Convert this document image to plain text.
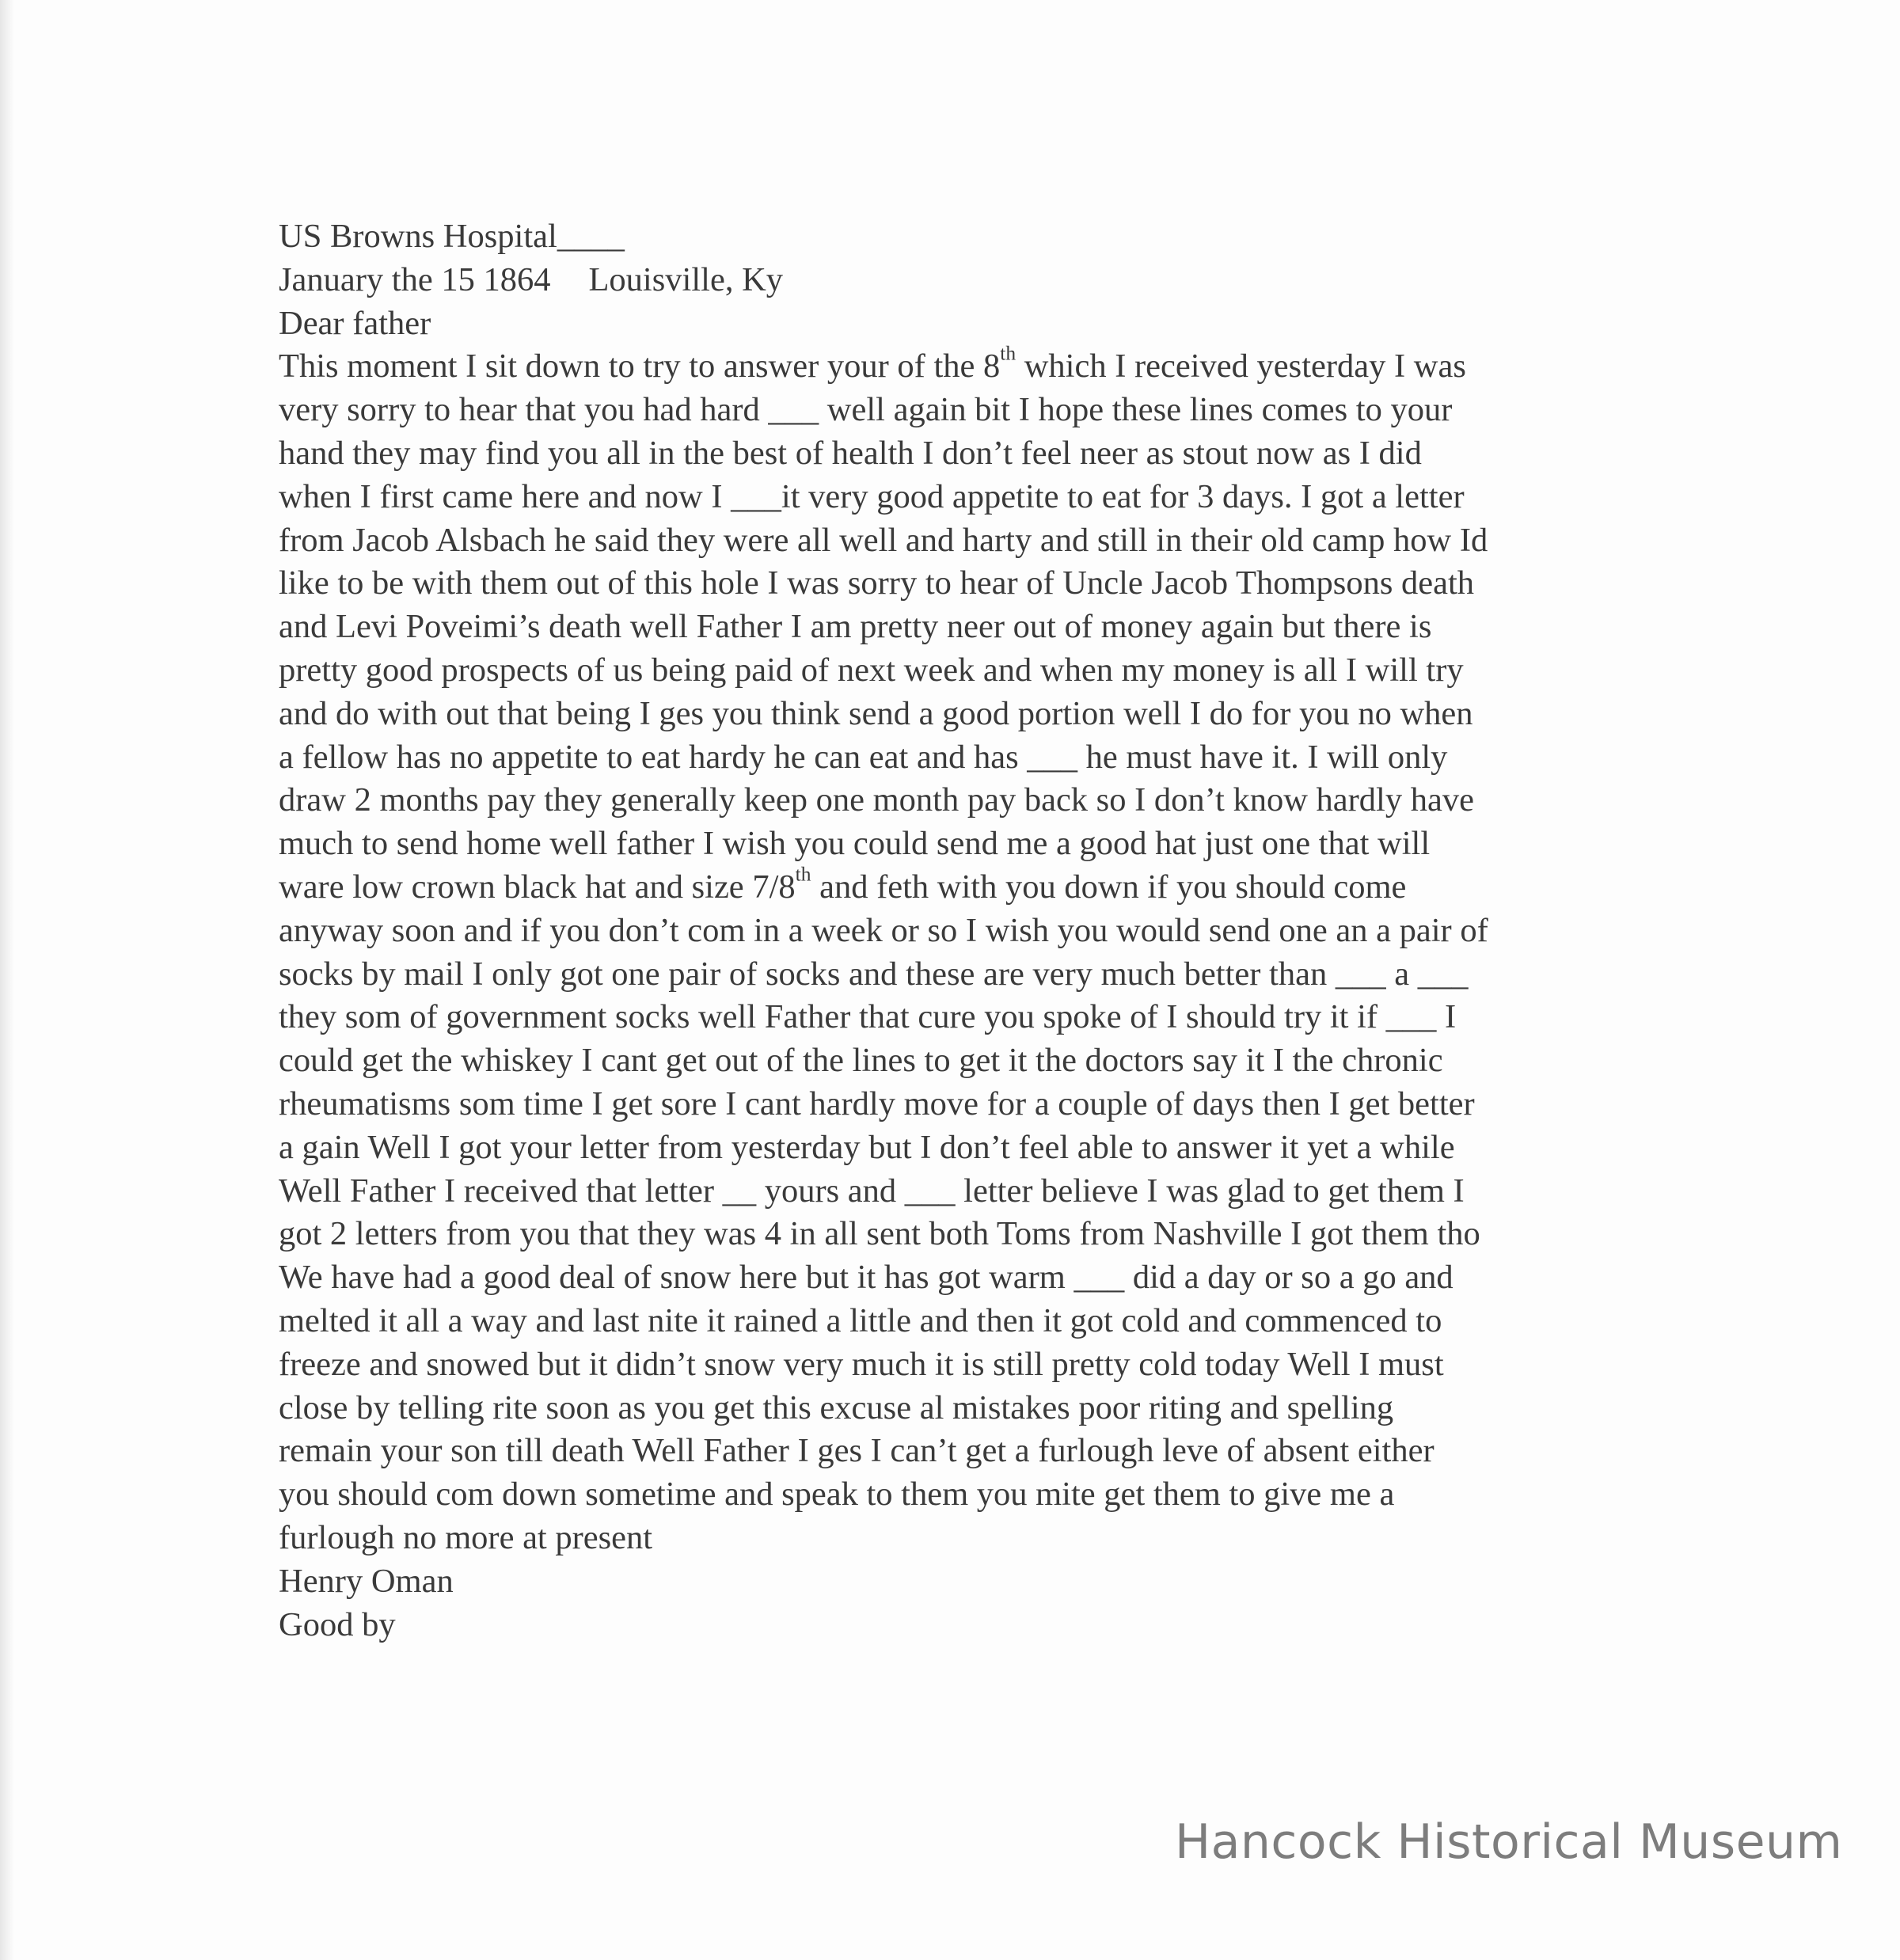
US Browns Hospital____
January the 15 1864 Louisville, Ky
Dear father
This moment I sit down to try to answer your of the 8th which I received yesterday I was
very sorry to hear that you had hard ___ well again bit I hope these lines comes to your
hand they may find you all in the best of health I don’t feel neer as stout now as I did
when I first came here and now I ___it very good appetite to eat for 3 days. I got a letter
from Jacob Alsbach he said they were all well and harty and still in their old camp how Id
like to be with them out of this hole I was sorry to hear of Uncle Jacob Thompsons death
and Levi Poveimi’s death well Father I am pretty neer out of money again but there is
pretty good prospects of us being paid of next week and when my money is all I will try
and do with out that being I ges you think send a good portion well I do for you no when
a fellow has no appetite to eat hardy he can eat and has ___ he must have it. I will only
draw 2 months pay they generally keep one month pay back so I don’t know hardly have
much to send home well father I wish you could send me a good hat just one that will
ware low crown black hat and size 7/8th and feth with you down if you should come
anyway soon and if you don’t com in a week or so I wish you would send one an a pair of
socks by mail I only got one pair of socks and these are very much better than ___ a ___
they som of government socks well Father that cure you spoke of I should try it if ___ I
could get the whiskey I cant get out of the lines to get it the doctors say it I the chronic
rheumatisms som time I get sore I cant hardly move for a couple of days then I get better
a gain Well I got your letter from yesterday but I don’t feel able to answer it yet a while
Well Father I received that letter __ yours and ___ letter believe I was glad to get them I
got 2 letters from you that they was 4 in all sent both Toms from Nashville I got them tho
We have had a good deal of snow here but it has got warm ___ did a day or so a go and
melted it all a way and last nite it rained a little and then it got cold and commenced to
freeze and snowed but it didn’t snow very much it is still pretty cold today Well I must
close by telling rite soon as you get this excuse al mistakes poor riting and spelling
remain your son till death Well Father I ges I can’t get a furlough leve of absent either
you should com down sometime and speak to them you mite get them to give me a
furlough no more at present
Henry Oman
Good by
Hancock Historical Museum
